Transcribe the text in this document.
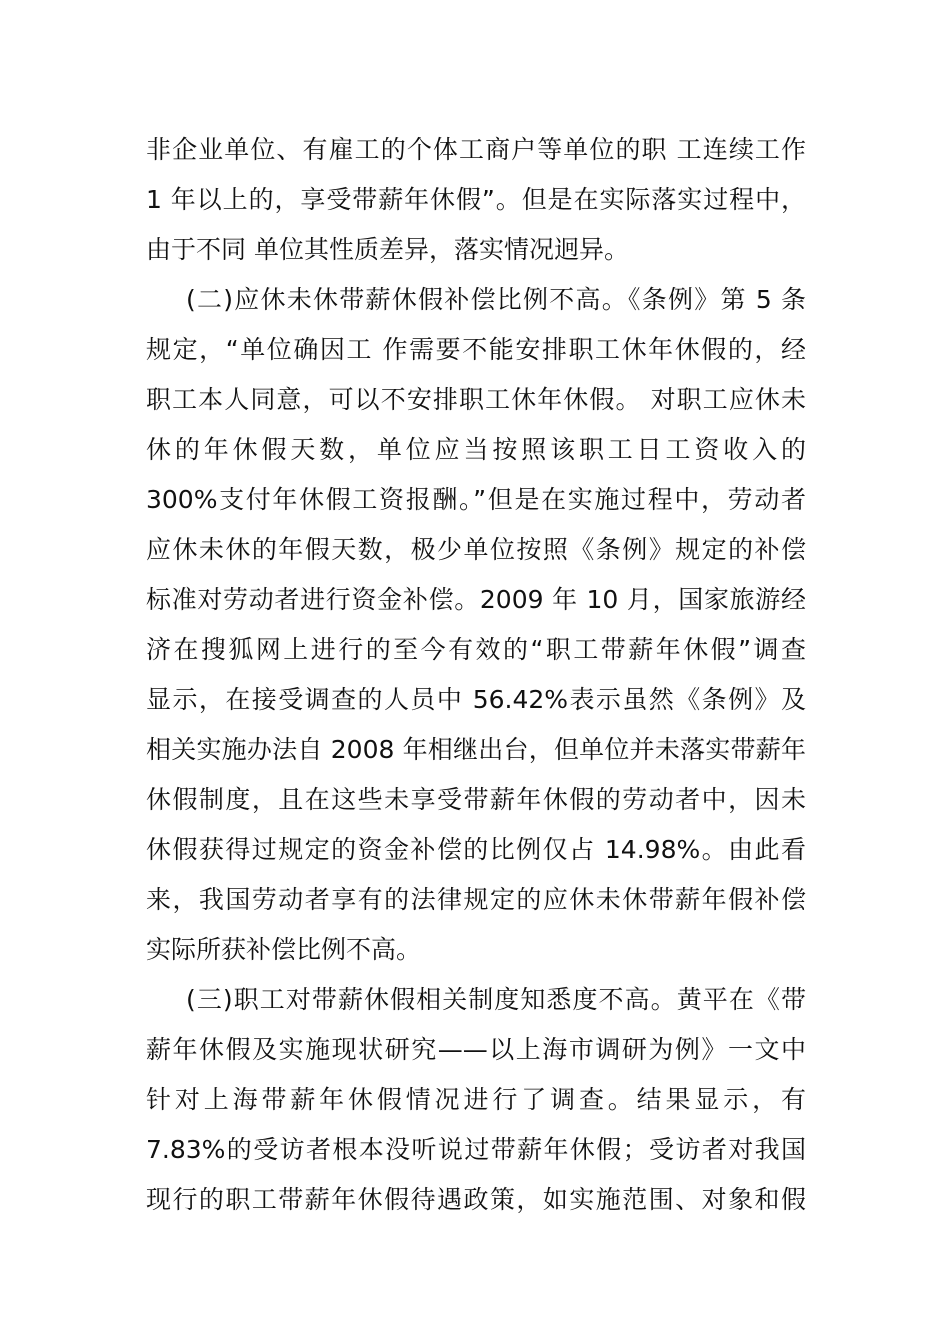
非企业单位、有雇工的个体工商户等单位的职 工连续工作
1 年以上的，享受带薪年休假”。但是在实际落实过程中，
由于不同 单位其性质差异，落实情况迥异。
(二)应休未休带薪休假补偿比例不高。《条例》第 5 条
规定，“单位确因工 作需要不能安排职工休年休假的，经
职工本人同意，可以不安排职工休年休假。 对职工应休未
休的年休假天数，单位应当按照该职工日工资收入的
300%支付年休假工资报酬。”但是在实施过程中，劳动者
应休未休的年假天数，极少单位按照《条例》规定的补偿
标准对劳动者进行资金补偿。2009 年 10 月，国家旅游经
济在搜狐网上进行的至今有效的“职工带薪年休假”调查
显示，在接受调查的人员中 56.42%表示虽然《条例》及
相关实施办法自 2008 年相继出台，但单位并未落实带薪年
休假制度，且在这些未享受带薪年休假的劳动者中，因未
休假获得过规定的资金补偿的比例仅占 14.98%。由此看
来，我国劳动者享有的法律规定的应休未休带薪年假补偿
实际所获补偿比例不高。
(三)职工对带薪休假相关制度知悉度不高。黄平在《带
薪年休假及实施现状研究——以上海市调研为例》一文中
针对上海带薪年休假情况进行了调查。结果显示，有
7.83%的受访者根本没听说过带薪年休假；受访者对我国
现行的职工带薪年休假待遇政策，如实施范围、对象和假
